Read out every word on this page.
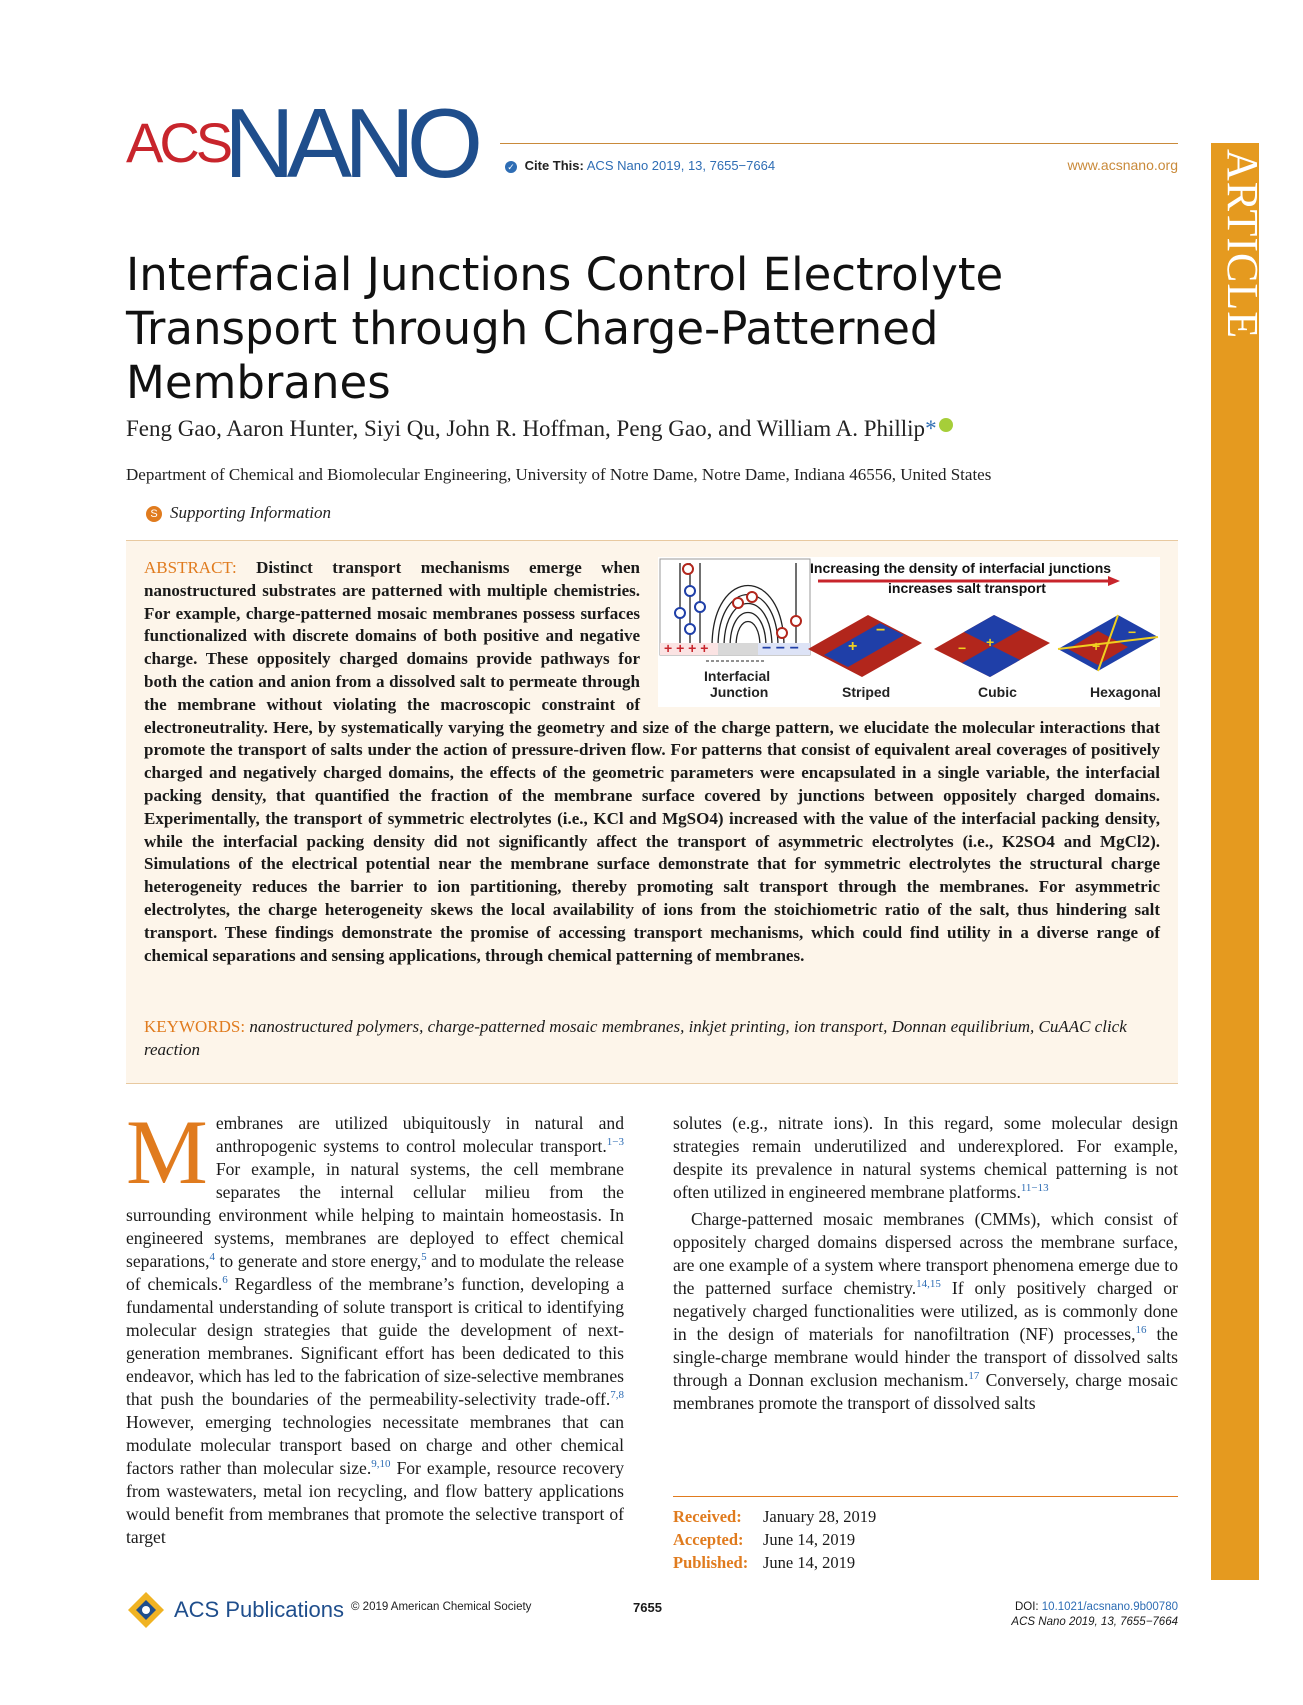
ACS
NANO	✓ Cite This: ACS Nano 2019, 13, 7655−7664	www.acsnano.org ARTICLE
Interfacial Junctions Control Electrolyte Transport through Charge-Patterned Membranes
Feng Gao, Aaron Hunter, Siyi Qu, John R. Hoffman, Peng Gao, and William A. Phillip*
Department of Chemical and Biomolecular Engineering, University of Notre Dame, Notre Dame, Indiana 46556, United States
S Supporting Information
+ + + +	− − −
Interfacial
Junction
Increasing the density of interfacial junctions
increases salt transport
+
−
+
−	+
−
Striped	Cubic	Hexagonal
ABSTRACT: Distinct transport mechanisms emerge when nanostructured substrates are patterned with multiple chemistries. For example, charge-patterned mosaic membranes possess surfaces functionalized with discrete domains of both positive and negative charge. These oppositely charged domains provide pathways for both the cation and anion from a dissolved salt to permeate through the membrane without violating the macroscopic constraint of electroneutrality. Here, by systematically varying the geometry and size of the charge pattern, we elucidate the molecular interactions that promote the transport of salts under the action of pressure-driven flow. For patterns that consist of equivalent areal coverages of positively charged and negatively charged domains, the effects of the geometric parameters were encapsulated in a single variable, the interfacial packing density, that quantified the fraction of the membrane surface covered by junctions between oppositely charged domains. Experimentally, the transport of symmetric electrolytes (i.e., KCl and MgSO4) increased with the value of the interfacial packing density, while the interfacial packing density did not significantly affect the transport of asymmetric electrolytes (i.e., K2SO4 and MgCl2). Simulations of the electrical potential near the membrane surface demonstrate that for symmetric electrolytes the structural charge heterogeneity reduces the barrier to ion partitioning, thereby promoting salt transport through the membranes. For asymmetric electrolytes, the charge heterogeneity skews the local availability of ions from the stoichiometric ratio of the salt, thus hindering salt transport. These findings demonstrate the promise of accessing transport mechanisms, which could find utility in a diverse range of chemical separations and sensing applications, through chemical patterning of membranes.
KEYWORDS: nanostructured polymers, charge-patterned mosaic membranes, inkjet printing, ion transport, Donnan equilibrium, CuAAC click reaction

Membranes are utilized ubiquitously in natural and anthropogenic systems to control molecular transport.$^{1-3}$ For example, in natural systems, the cell membrane separates the internal cellular milieu from the surrounding environment while helping to maintain homeostasis. In engineered systems, membranes are deployed to effect chemical separations,$^4$ to generate and store energy,$^5$ and to modulate the release of chemicals.$^6$ Regardless of the membrane’s function, developing a fundamental understanding of solute transport is critical to identifying molecular design strategies that guide the development of next-generation membranes. Significant effort has been dedicated to this endeavor, which has led to the fabrication of size-selective membranes that push the boundaries of the permeability-selectivity trade-off.$^{7,8}$ However, emerging technologies necessitate membranes that can modulate molecular transport based on charge and other chemical factors rather than molecular size.$^{9,10}$ For example, resource recovery from wastewaters, metal ion recycling, and flow battery applications would benefit from membranes that promote the selective transport of target

solutes (e.g., nitrate ions). In this regard, some molecular design strategies remain underutilized and underexplored. For example, despite its prevalence in natural systems chemical patterning is not often utilized in engineered membrane platforms.$^{11-13}$

Charge-patterned mosaic membranes (CMMs), which consist of oppositely charged domains dispersed across the membrane surface, are one example of a system where transport phenomena emerge due to the patterned surface chemistry.$^{14,15}$ If only positively charged or negatively charged functionalities were utilized, as is commonly done in the design of materials for nanofiltration (NF) processes,$^{16}$ the single-charge membrane would hinder the transport of dissolved salts through a Donnan exclusion mechanism.$^{17}$ Conversely, charge mosaic membranes promote the transport of dissolved salts

Received: January 28, 2019
Accepted: June 14, 2019
Published: June 14, 2019
ACS Publications © 2019 American Chemical Society	7655	DOI: 10.1021/acsnano.9b00780
ACS Nano 2019, 13, 7655−7664
